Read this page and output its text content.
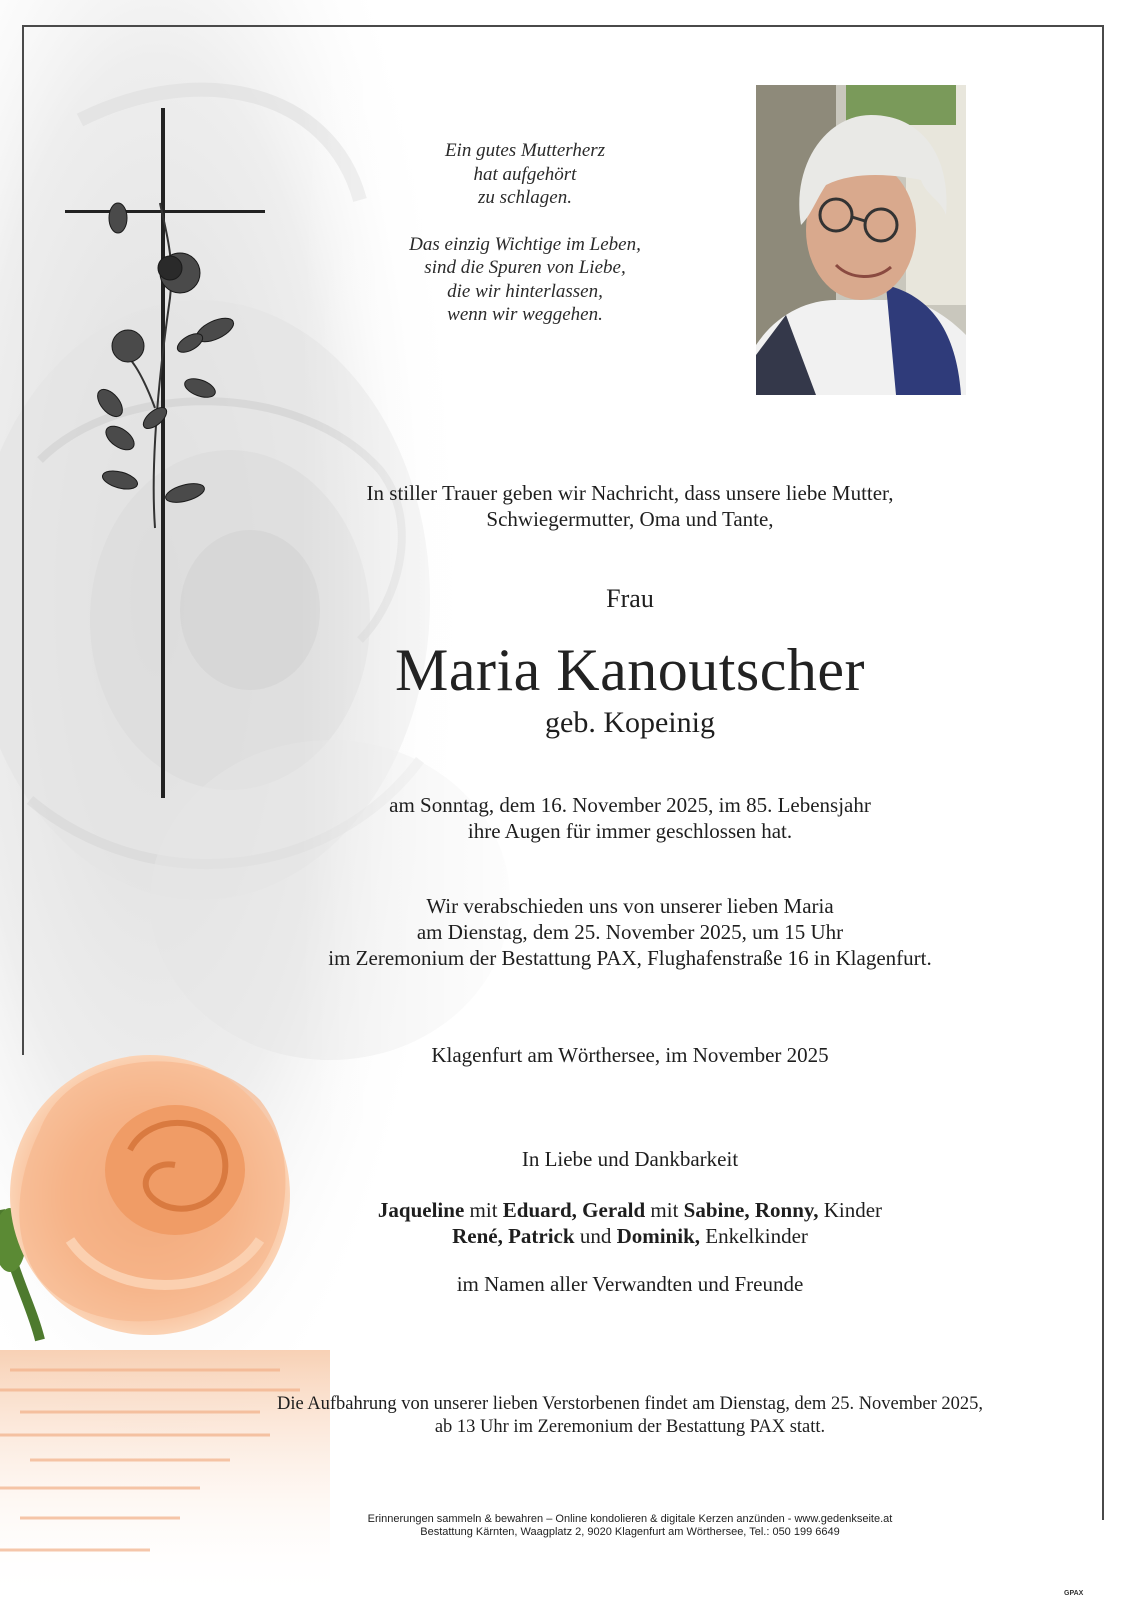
Ein gutes Mutterherz

hat aufgehört

zu schlagen.

Das einzig Wichtige im Leben,

sind die Spuren von Liebe,

die wir hinterlassen,

wenn wir weggehen.

In stiller Trauer geben wir Nachricht, dass unsere liebe Mutter,
Schwiegermutter, Oma und Tante,
Frau
Maria Kanoutscher
geb. Kopeinig
am Sonntag, dem 16. November 2025, im 85. Lebensjahr
ihre Augen für immer geschlossen hat.
Wir verabschieden uns von unserer lieben Maria
am Dienstag, dem 25. November 2025, um 15 Uhr
im Zeremonium der Bestattung PAX, Flughafenstraße 16 in Klagenfurt.
Klagenfurt am Wörthersee, im November 2025
In Liebe und Dankbarkeit
Jaqueline mit Eduard, Gerald mit Sabine, Ronny, Kinder
René, Patrick und Dominik, Enkelkinder
im Namen aller Verwandten und Freunde
Die Aufbahrung von unserer lieben Verstorbenen findet am Dienstag, dem 25. November 2025,
ab 13 Uhr im Zeremonium der Bestattung PAX statt.
Erinnerungen sammeln & bewahren – Online kondolieren & digitale Kerzen anzünden - www.gedenkseite.at
Bestattung Kärnten, Waagplatz 2, 9020 Klagenfurt am Wörthersee, Tel.: 050 199 6649
GPAX
